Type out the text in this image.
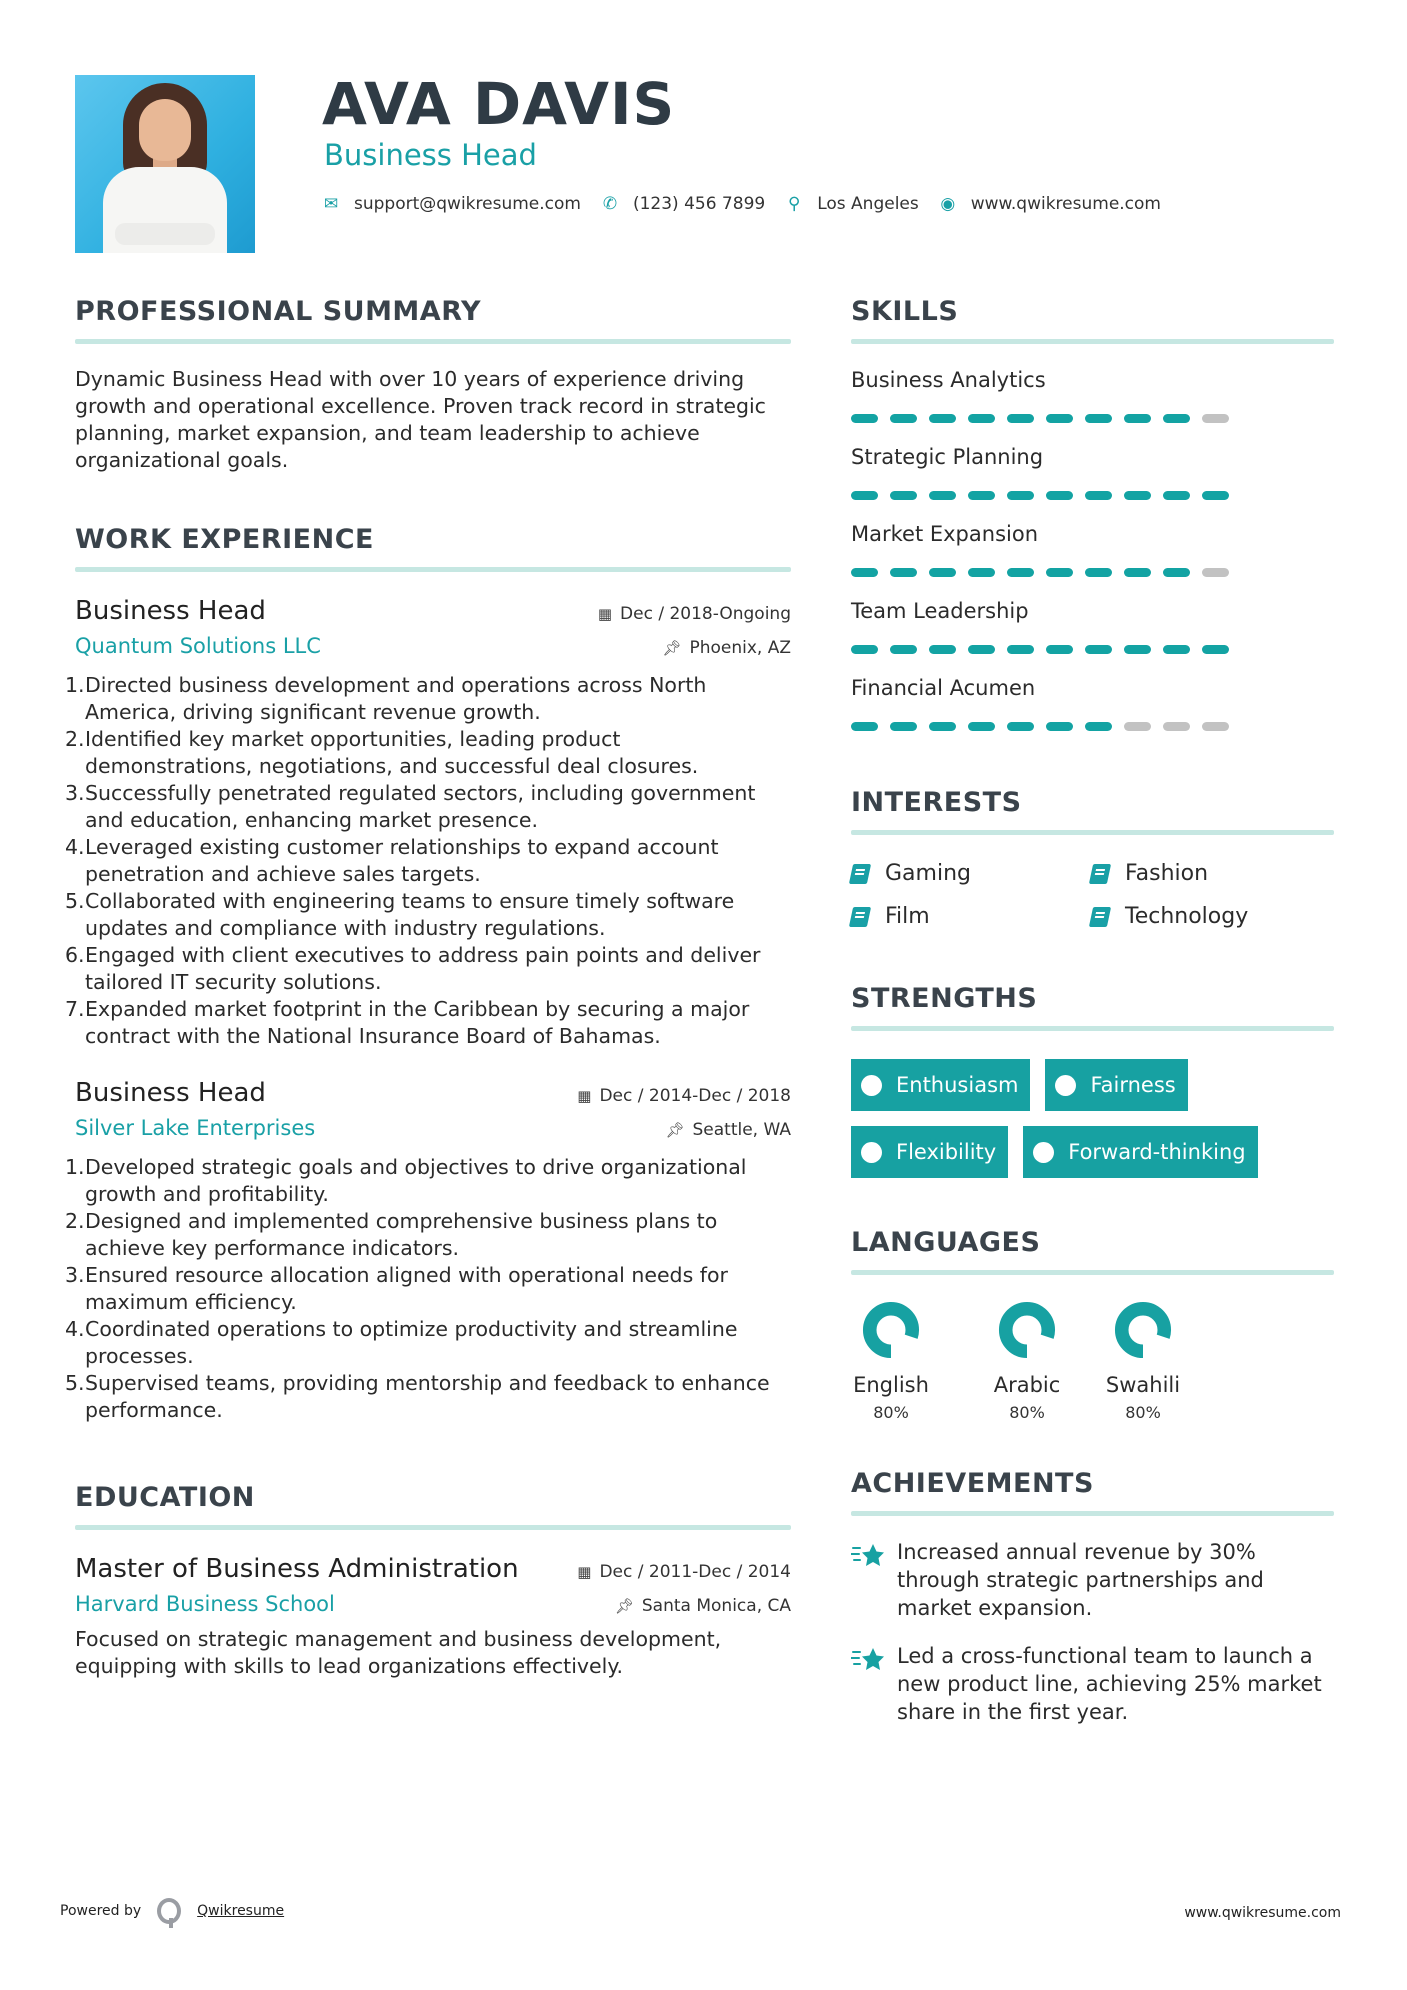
AVA DAVIS
Business Head
✉ support@qwikresume.com ✆ (123) 456 7899 ⚲ Los Angeles ◉ www.qwikresume.com
PROFESSIONAL SUMMARY

Dynamic Business Head with over 10 years of experience driving growth and operational excellence. Proven track record in strategic planning, market expansion, and team leadership to achieve organizational goals.

WORK EXPERIENCE
Business Head	▦ Dec / 2018-Ongoing
Quantum Solutions LLC	📌︎ Phoenix, AZ
1. Directed business development and operations across North America, driving significant revenue growth.
2. Identified key market opportunities, leading product demonstrations, negotiations, and successful deal closures.
3. Successfully penetrated regulated sectors, including government and education, enhancing market presence.
4. Leveraged existing customer relationships to expand account penetration and achieve sales targets.
5. Collaborated with engineering teams to ensure timely software updates and compliance with industry regulations.
6. Engaged with client executives to address pain points and deliver tailored IT security solutions.
7. Expanded market footprint in the Caribbean by securing a major contract with the National Insurance Board of Bahamas.
Business Head	▦ Dec / 2014-Dec / 2018
Silver Lake Enterprises	📌︎ Seattle, WA
1. Developed strategic goals and objectives to drive organizational growth and profitability.
2. Designed and implemented comprehensive business plans to achieve key performance indicators.
3. Ensured resource allocation aligned with operational needs for maximum efficiency.
4. Coordinated operations to optimize productivity and streamline processes.
5. Supervised teams, providing mentorship and feedback to enhance performance.
EDUCATION
Master of Business Administration	▦ Dec / 2011-Dec / 2014
Harvard Business School	📌︎ Santa Monica, CA

Focused on strategic management and business development, equipping with skills to lead organizations effectively.

SKILLS
Business Analytics
Strategic Planning
Market Expansion
Team Leadership
Financial Acumen
INTERESTS
Gaming	Fashion
Film	Technology
STRENGTHS
Enthusiasm	Fairness
Flexibility	Forward-thinking
LANGUAGES
English
80%
Arabic
80%
Swahili
80%
ACHIEVEMENTS
Increased annual revenue by 30% through strategic partnerships and market expansion.
Led a cross-functional team to launch a new product line, achieving 25% market share in the first year.
Powered by	Qwikresume	www.qwikresume.com
